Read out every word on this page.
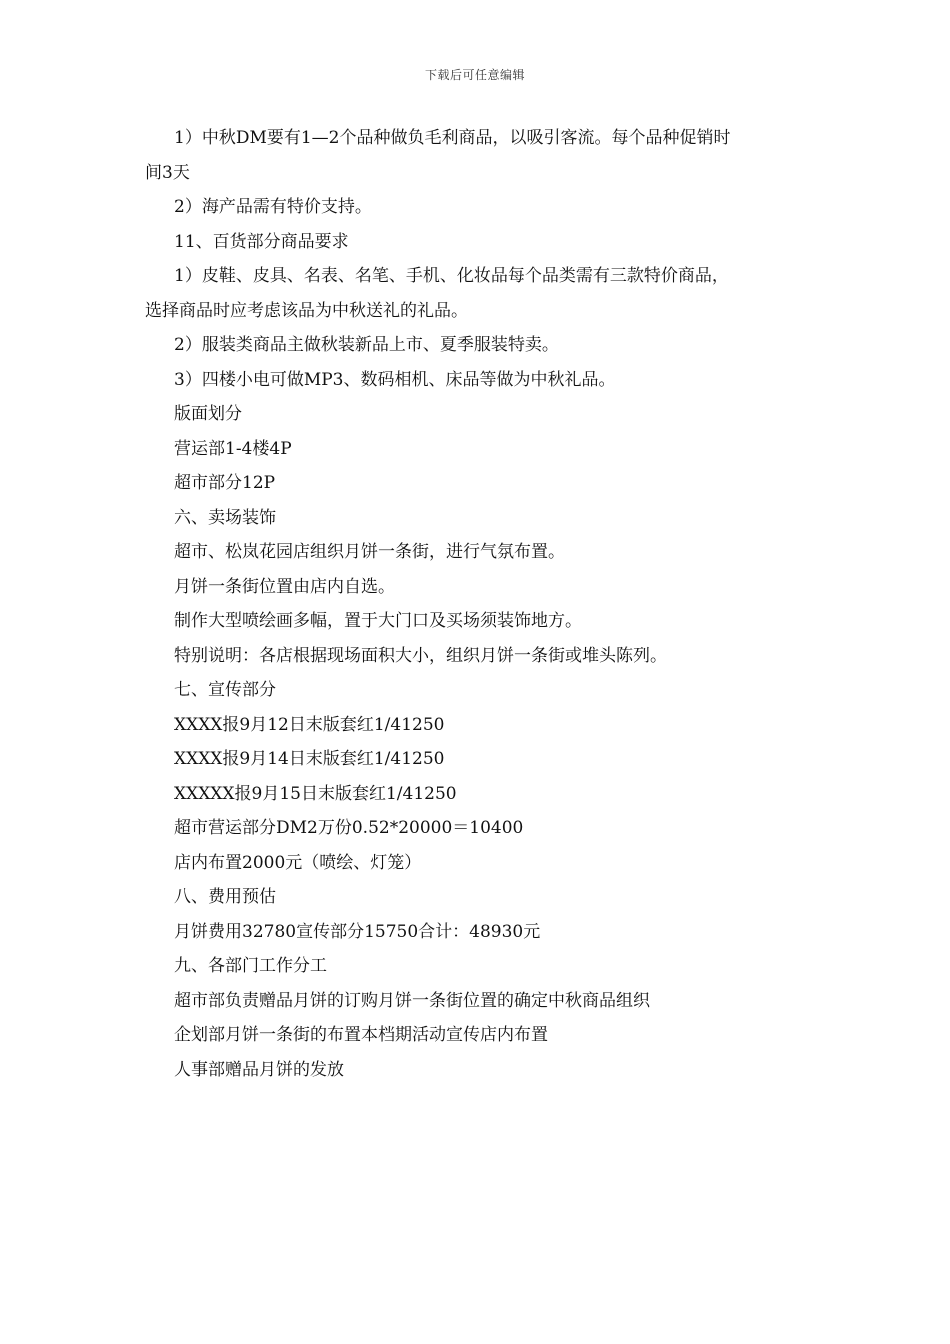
下载后可任意编辑

1）中秋DM要有1—2个品种做负毛利商品，以吸引客流。每个品种促销时

间3天

2）海产品需有特价支持。

11、百货部分商品要求

1）皮鞋、皮具、名表、名笔、手机、化妆品每个品类需有三款特价商品，

选择商品时应考虑该品为中秋送礼的礼品。

2）服装类商品主做秋装新品上市、夏季服装特卖。

3）四楼小电可做MP3、数码相机、床品等做为中秋礼品。

版面划分

营运部1-4楼4P

超市部分12P

六、卖场装饰

超市、松岚花园店组织月饼一条街，进行气氛布置。

月饼一条街位置由店内自选。

制作大型喷绘画多幅，置于大门口及买场须装饰地方。

特别说明：各店根据现场面积大小，组织月饼一条街或堆头陈列。

七、宣传部分

XXXX报9月12日末版套红1/41250

XXXX报9月14日末版套红1/41250

XXXXX报9月15日末版套红1/41250

超市营运部分DM2万份0.52*20000＝10400

店内布置2000元（喷绘、灯笼）

八、费用预估

月饼费用32780宣传部分15750合计：48930元

九、各部门工作分工

超市部负责赠品月饼的订购月饼一条街位置的确定中秋商品组织

企划部月饼一条街的布置本档期活动宣传店内布置

人事部赠品月饼的发放
